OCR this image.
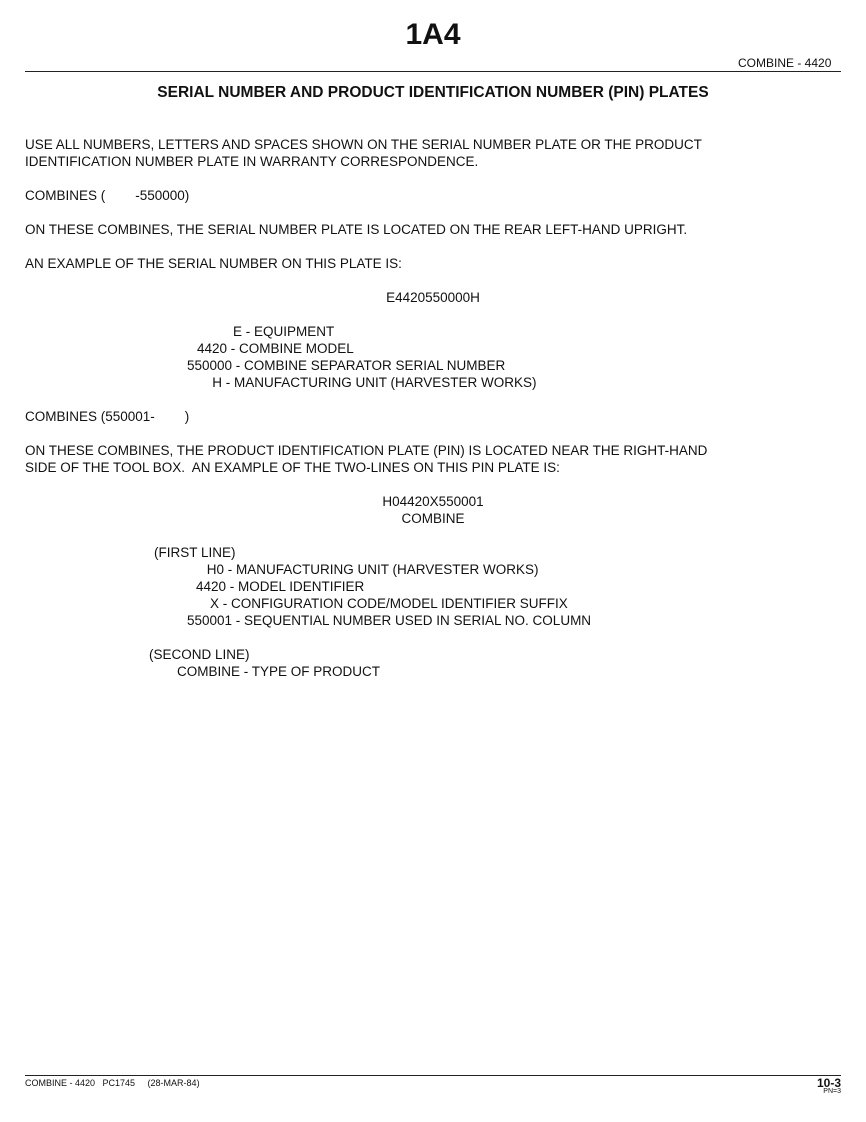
1A4
COMBINE - 4420
SERIAL NUMBER AND PRODUCT IDENTIFICATION NUMBER (PIN) PLATES
USE ALL NUMBERS, LETTERS AND SPACES SHOWN ON THE SERIAL NUMBER PLATE OR THE PRODUCT
IDENTIFICATION NUMBER PLATE IN WARRANTY CORRESPONDENCE.
COMBINES (        -550000)
ON THESE COMBINES, THE SERIAL NUMBER PLATE IS LOCATED ON THE REAR LEFT-HAND UPRIGHT.
AN EXAMPLE OF THE SERIAL NUMBER ON THIS PLATE IS:
E4420550000H
E - EQUIPMENT
4420 - COMBINE MODEL
550000 - COMBINE SEPARATOR SERIAL NUMBER
H - MANUFACTURING UNIT (HARVESTER WORKS)
COMBINES (550001-        )
ON THESE COMBINES, THE PRODUCT IDENTIFICATION PLATE (PIN) IS LOCATED NEAR THE RIGHT-HAND
SIDE OF THE TOOL BOX.  AN EXAMPLE OF THE TWO-LINES ON THIS PIN PLATE IS:
H04420X550001
COMBINE
(FIRST LINE)
H0 - MANUFACTURING UNIT (HARVESTER WORKS)
4420 - MODEL IDENTIFIER
X - CONFIGURATION CODE/MODEL IDENTIFIER SUFFIX
550001 - SEQUENTIAL NUMBER USED IN SERIAL NO. COLUMN
(SECOND LINE)
COMBINE - TYPE OF PRODUCT
COMBINE - 4420   PC1745     (28-MAR-84)	10-3
PN=3
